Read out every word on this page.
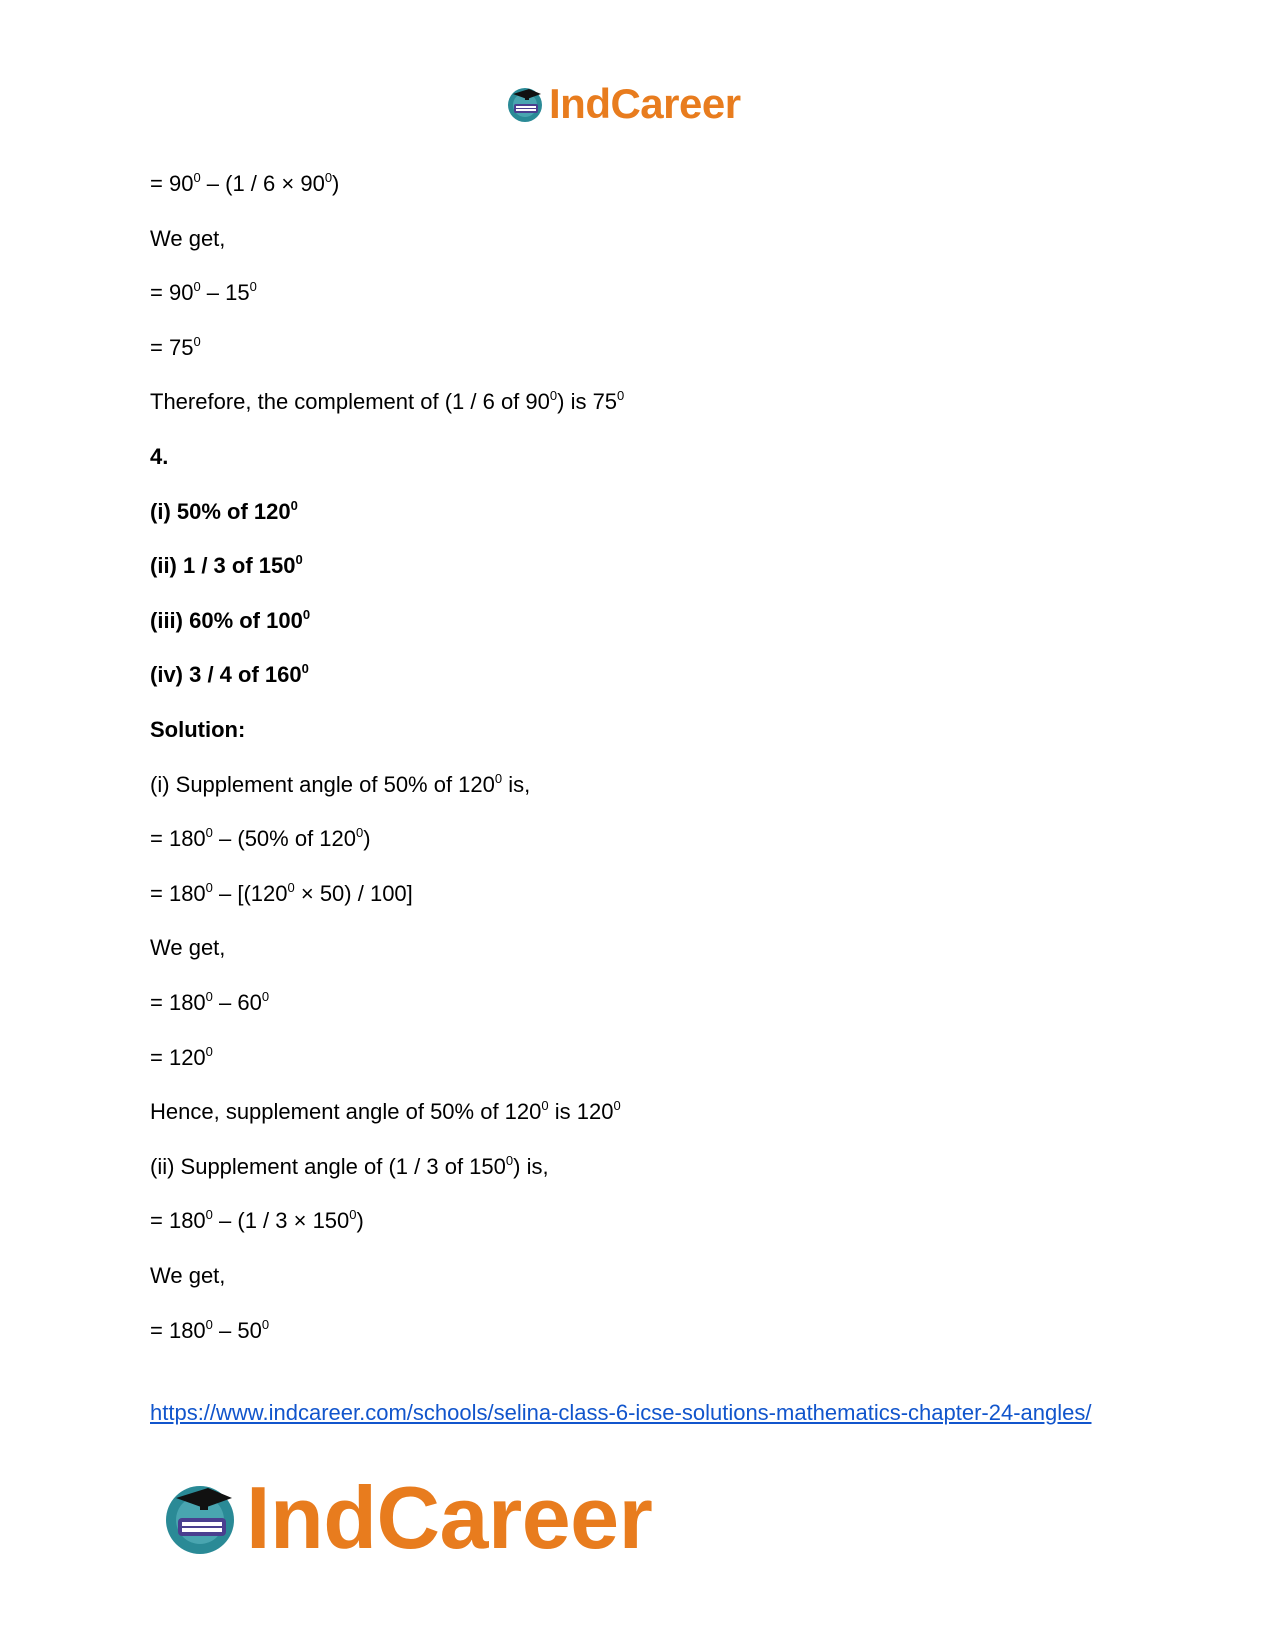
IndCareer
= $90^0 - (1 / 6 \times 90^0)$
We get,
= $90^0 - 15^0$
= $75^0$
Therefore, the complement of (1 / 6 of $90^0$) is $75^0$
4.
(i) 50% of $120^0$
(ii) 1 / 3 of $150^0$
(iii) 60% of $100^0$
(iv) 3 / 4 of $160^0$
Solution:
(i) Supplement angle of 50% of $120^0$ is,
= $180^0 - (50\%$ of $120^0$)
= $180^0 - [(120^0 \times 50) / 100]$
We get,
= $180^0 - 60^0$
= $120^0$
Hence, supplement angle of 50% of $120^0$ is $120^0$
(ii) Supplement angle of (1 / 3 of $150^0$) is,
= $180^0 - (1 / 3 \times 150^0)$
We get,
= $180^0 - 50^0$
https://www.indcareer.com/schools/selina-class-6-icse-solutions-mathematics-chapter-24-angles/
IndCareer
